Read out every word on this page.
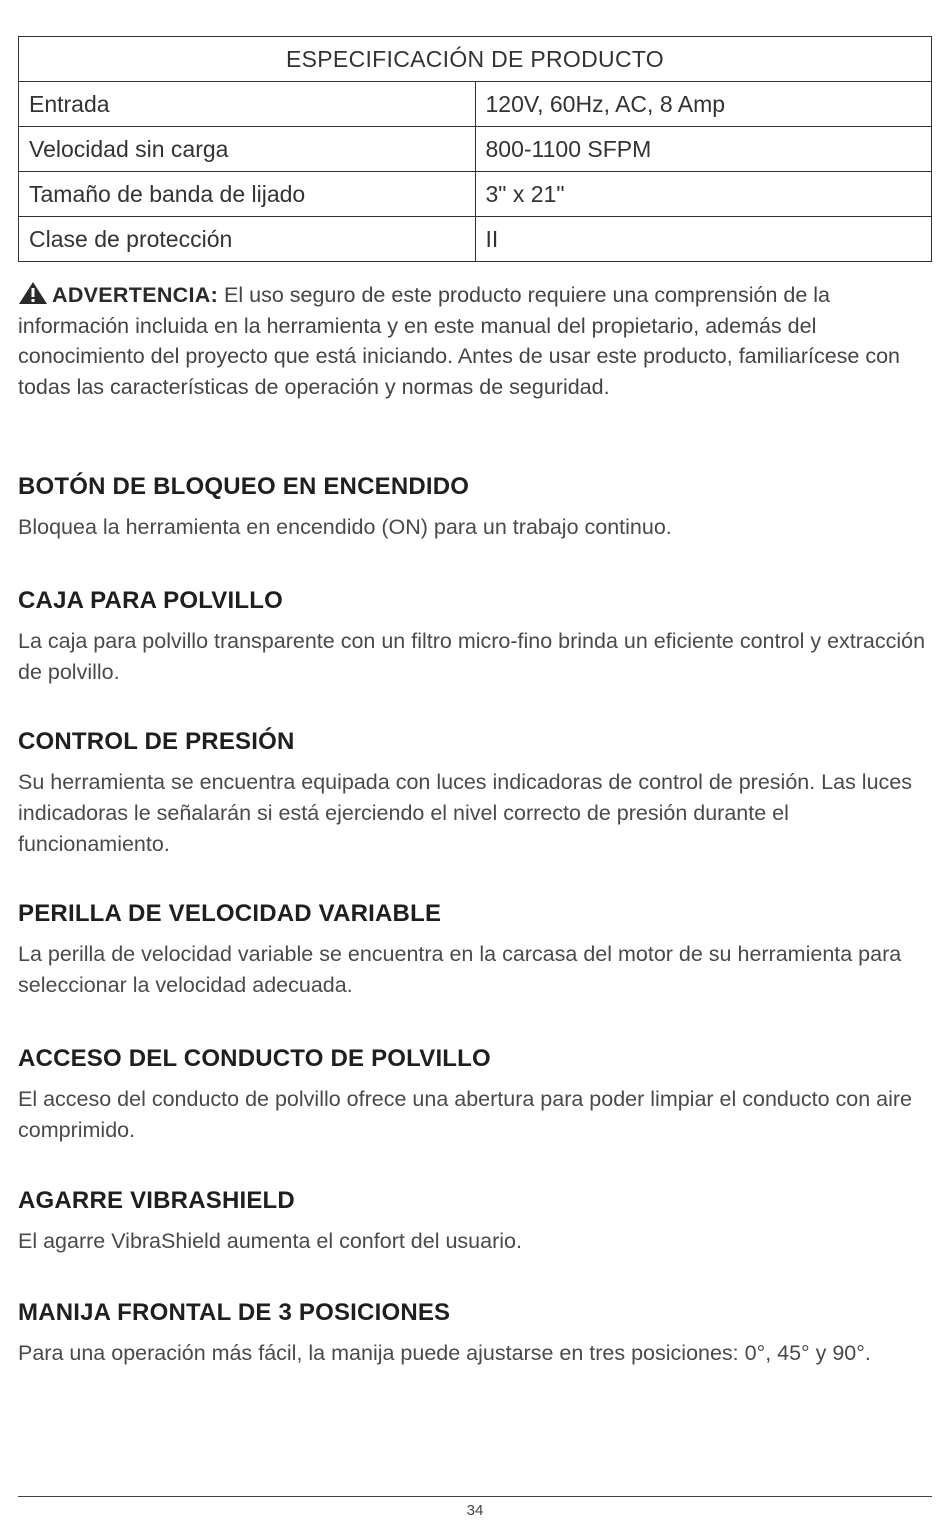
ESPECIFICACIÓN DE PRODUCTO	
Entrada	120V, 60Hz, AC, 8 Amp
Velocidad sin carga	800-1100 SFPM
Tamaño de banda de lijado	3" x 21"
Clase de protección	II
ADVERTENCIA: El uso seguro de este producto requiere una comprensión de la información incluida en la herramienta y en este manual del propietario, además del conocimiento del proyecto que está iniciando. Antes de usar este producto, familiarícese con todas las características de operación y normas de seguridad.
BOTÓN DE BLOQUEO EN ENCENDIDO

Bloquea la herramienta en encendido (ON) para un trabajo continuo.

CAJA PARA POLVILLO

La caja para polvillo transparente con un filtro micro-fino brinda un eficiente control y extracción de polvillo.

CONTROL DE PRESIÓN

Su herramienta se encuentra equipada con luces indicadoras de control de presión. Las luces indicadoras le señalarán si está ejerciendo el nivel correcto de presión durante el funcionamiento.

PERILLA DE VELOCIDAD VARIABLE

La perilla de velocidad variable se encuentra en la carcasa del motor de su herramienta para seleccionar la velocidad adecuada.

ACCESO DEL CONDUCTO DE POLVILLO

El acceso del conducto de polvillo ofrece una abertura para poder limpiar el conducto con aire comprimido.

AGARRE VIBRASHIELD

El agarre VibraShield aumenta el confort del usuario.

MANIJA FRONTAL DE 3 POSICIONES

Para una operación más fácil, la manija puede ajustarse en tres posiciones: 0°, 45° y 90°.

34
